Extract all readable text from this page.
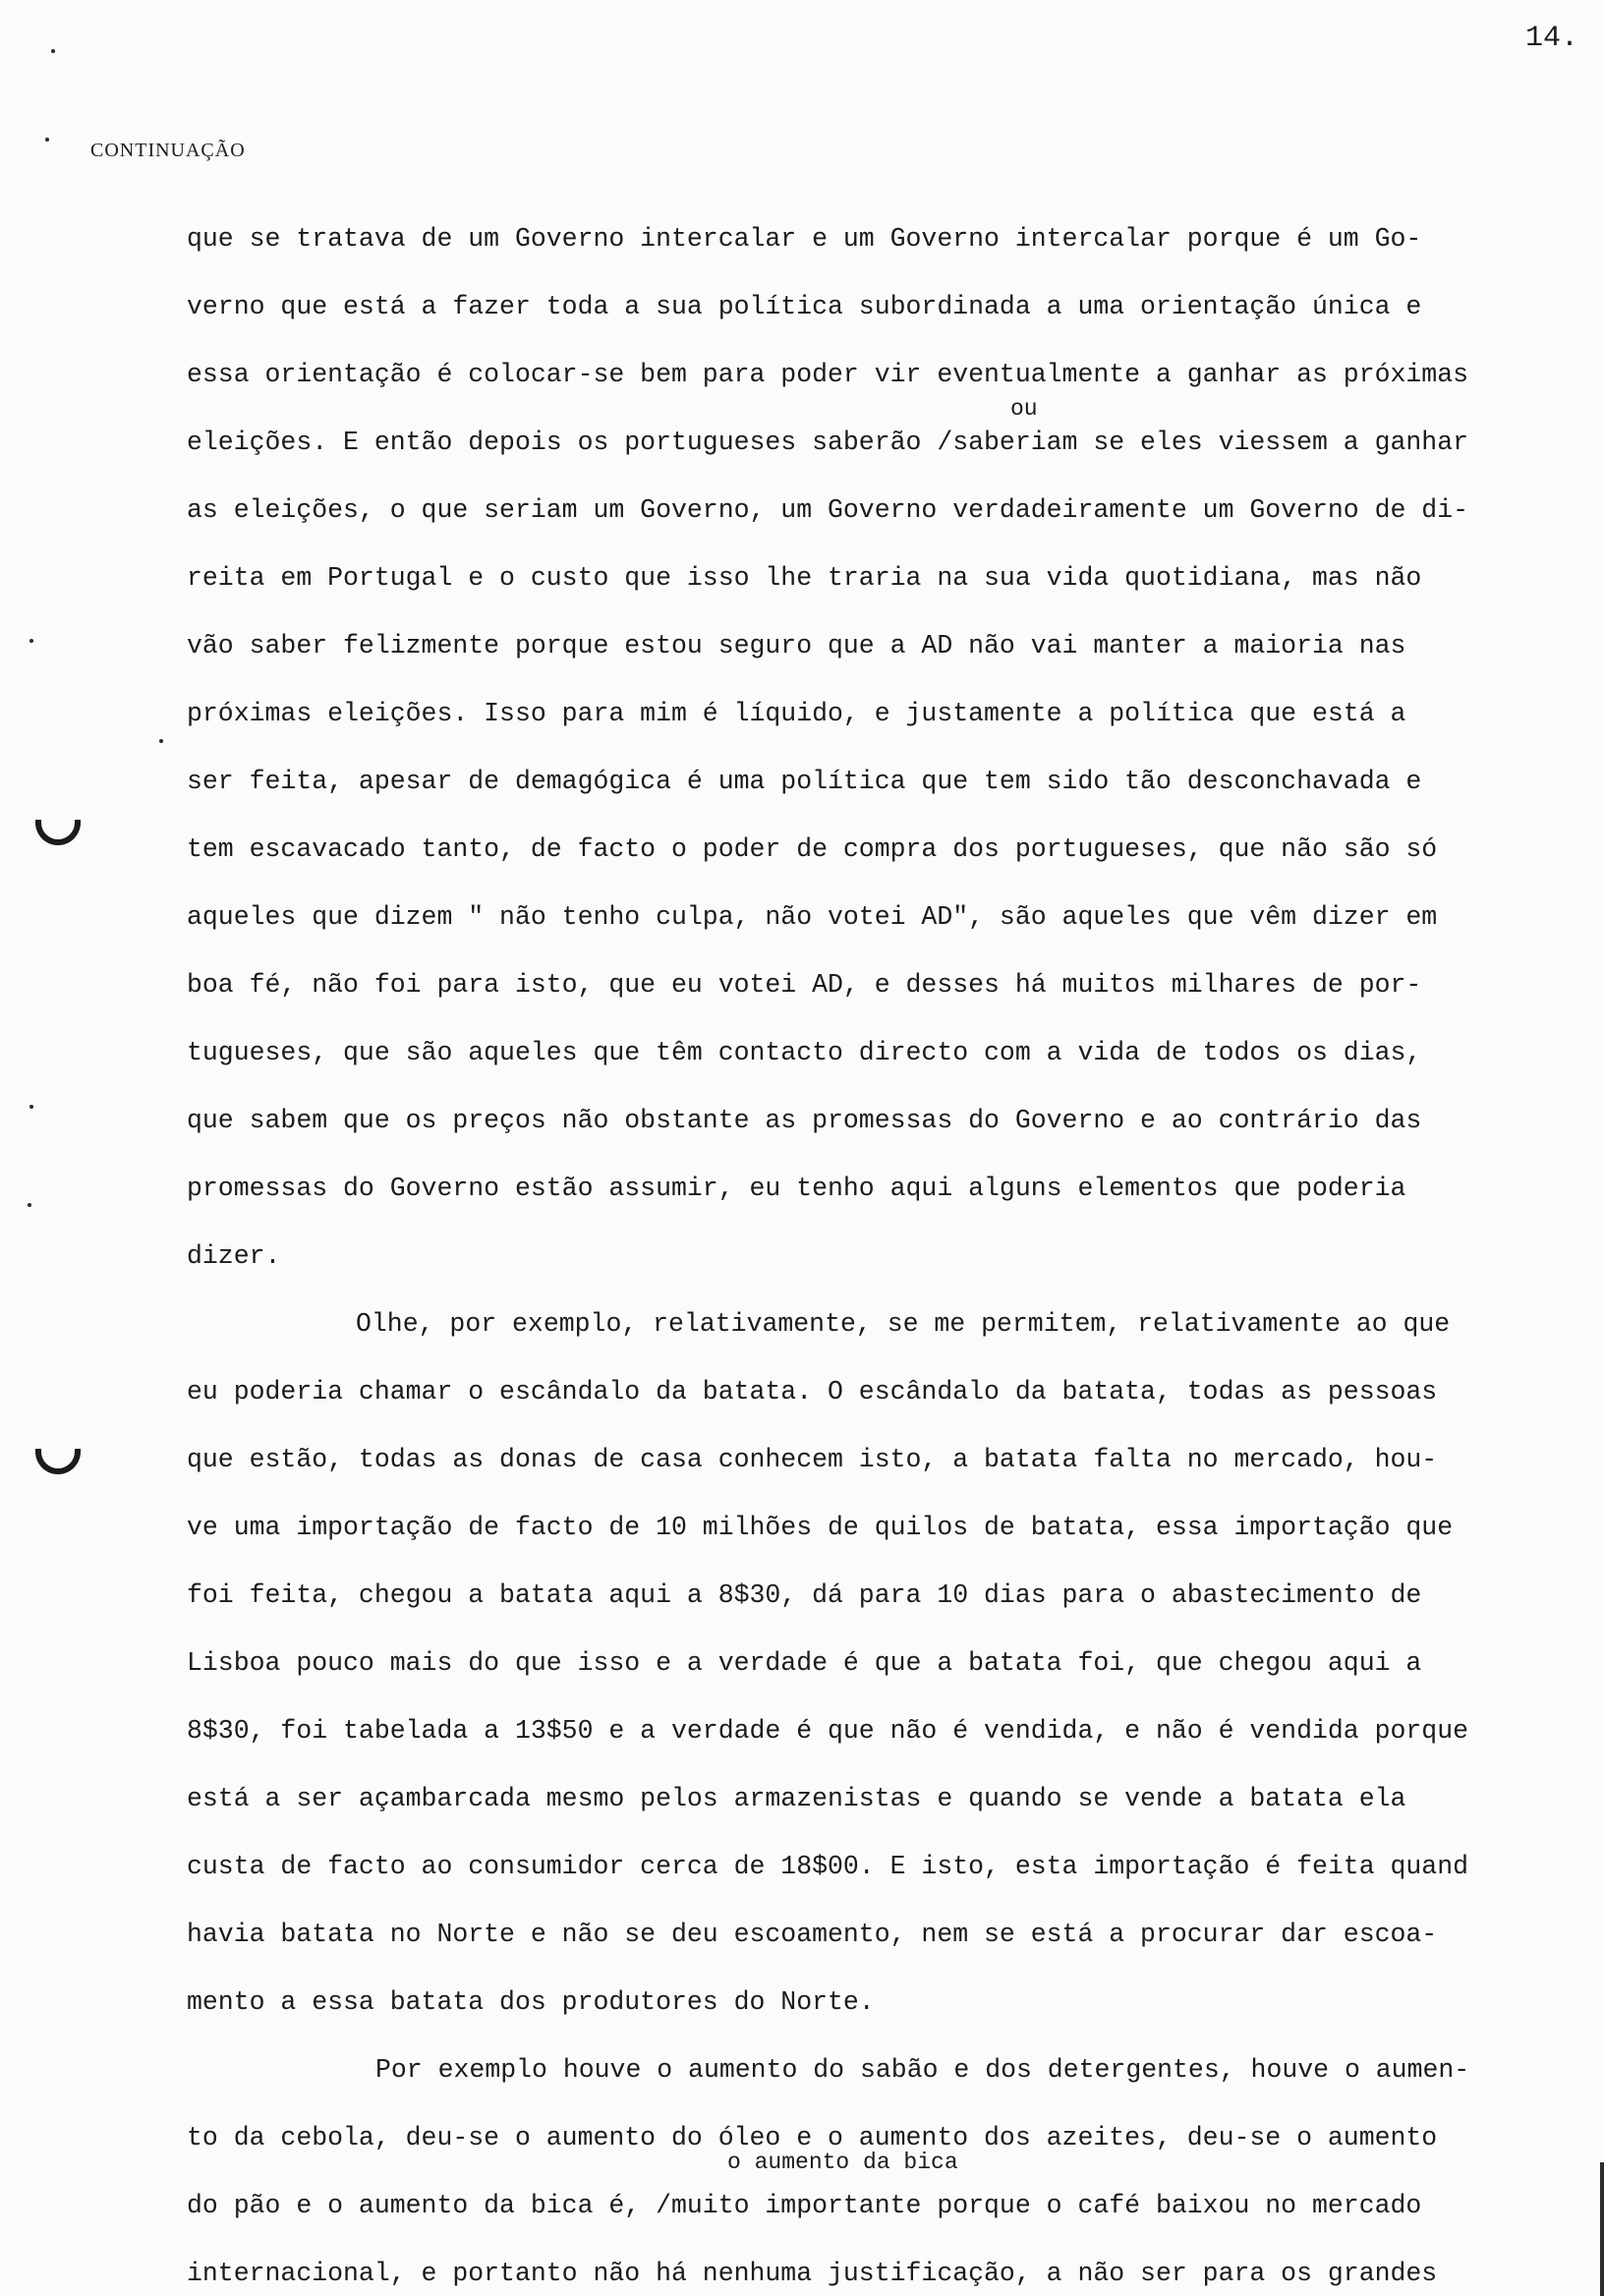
14.
CONTINUAÇÃO
ou
o aumento da bica
que se tratava de um Governo intercalar e um Governo intercalar porque é um Go-
verno que está a fazer toda a sua política subordinada a uma orientação única e
essa orientação é colocar-se bem para poder vir eventualmente a ganhar as próximas
eleições. E então depois os portugueses saberão /saberiam se eles viessem a ganhar
as eleições, o que seriam um Governo, um Governo verdadeiramente um Governo de di-
reita em Portugal e o custo que isso lhe traria na sua vida quotidiana, mas não
vão saber felizmente porque estou seguro que a AD não vai manter a maioria nas
próximas eleições. Isso para mim é líquido, e justamente a política que está a
ser feita, apesar de demagógica é uma política que tem sido tão desconchavada e
tem escavacado tanto, de facto o poder de compra dos portugueses, que não são só
aqueles que dizem " não tenho culpa, não votei AD", são aqueles que vêm dizer em
boa fé, não foi para isto, que eu votei AD, e desses há muitos milhares de por-
tugueses, que são aqueles que têm contacto directo com a vida de todos os dias,
que sabem que os preços não obstante as promessas do Governo e ao contrário das
promessas do Governo estão assumir, eu tenho aqui alguns elementos que poderia
dizer.
Olhe, por exemplo, relativamente, se me permitem, relativamente ao que
eu poderia chamar o escândalo da batata. O escândalo da batata, todas as pessoas
que estão, todas as donas de casa conhecem isto, a batata falta no mercado, hou-
ve uma importação de facto de 10 milhões de quilos de batata, essa importação que
foi feita, chegou a batata aqui a 8$30, dá para 10 dias para o abastecimento de
Lisboa pouco mais do que isso e a verdade é que a batata foi, que chegou aqui a
8$30, foi tabelada a 13$50 e a verdade é que não é vendida, e não é vendida porque
está a ser açambarcada mesmo pelos armazenistas e quando se vende a batata ela
custa de facto ao consumidor cerca de 18$00. E isto, esta importação é feita quand
havia batata no Norte e não se deu escoamento, nem se está a procurar dar escoa-
mento a essa batata dos produtores do Norte.
Por exemplo houve o aumento do sabão e dos detergentes, houve o aumen-
to da cebola, deu-se o aumento do óleo e o aumento dos azeites, deu-se o aumento
do pão e o aumento da bica é, /muito importante porque o café baixou no mercado
internacional, e portanto não há nenhuma justificação, a não ser para os grandes
